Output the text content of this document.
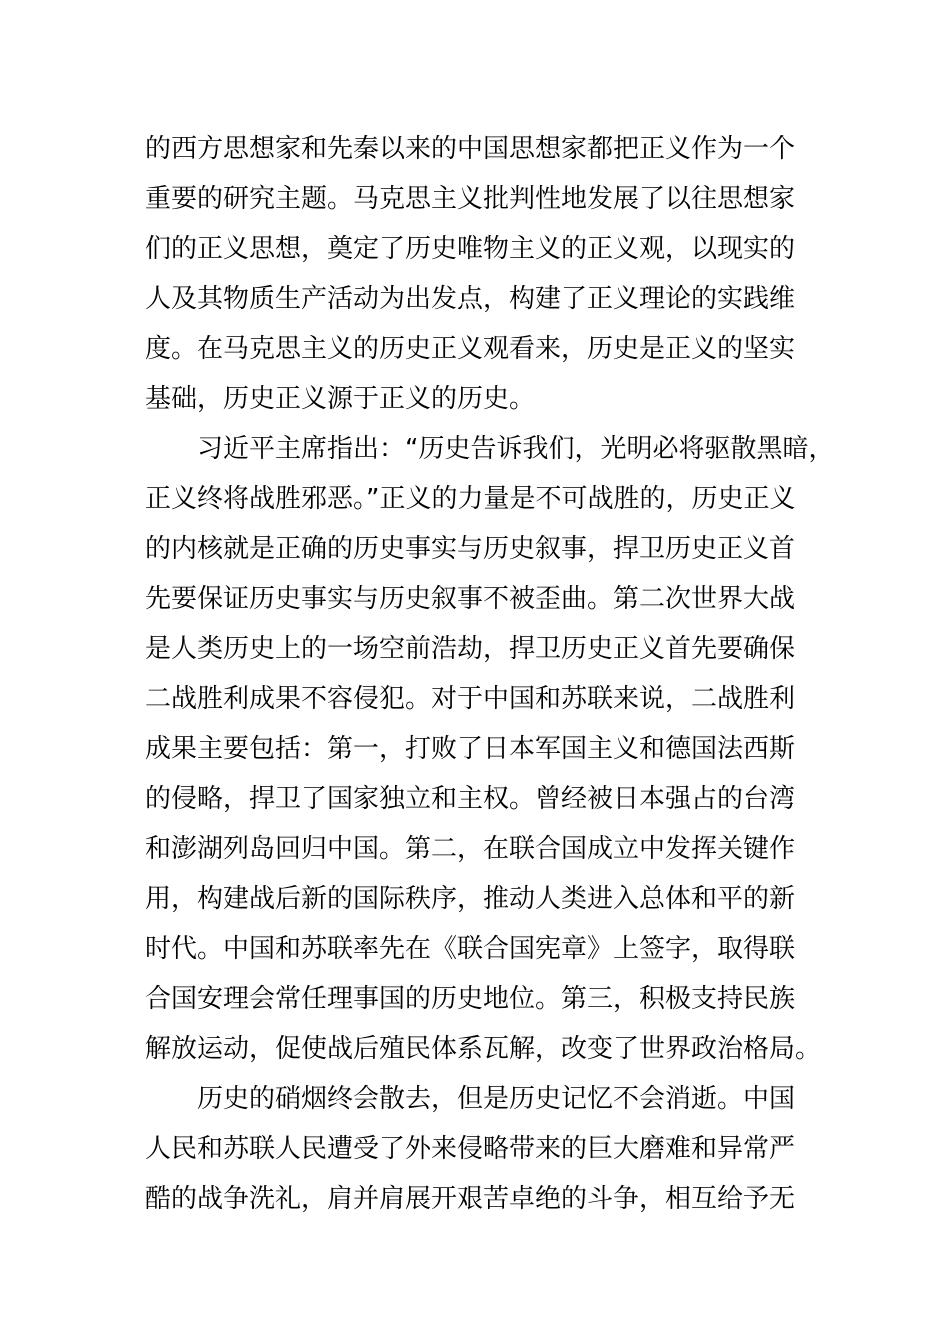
的西方思想家和先秦以来的中国思想家都把正义作为一个
重要的研究主题。马克思主义批判性地发展了以往思想家
们的正义思想，奠定了历史唯物主义的正义观，以现实的
人及其物质生产活动为出发点，构建了正义理论的实践维
度。在马克思主义的历史正义观看来，历史是正义的坚实
基础，历史正义源于正义的历史。
习近平主席指出：“历史告诉我们，光明必将驱散黑暗，
正义终将战胜邪恶。”正义的力量是不可战胜的，历史正义
的内核就是正确的历史事实与历史叙事，捍卫历史正义首
先要保证历史事实与历史叙事不被歪曲。第二次世界大战
是人类历史上的一场空前浩劫，捍卫历史正义首先要确保
二战胜利成果不容侵犯。对于中国和苏联来说，二战胜利
成果主要包括：第一，打败了日本军国主义和德国法西斯
的侵略，捍卫了国家独立和主权。曾经被日本强占的台湾
和澎湖列岛回归中国。第二，在联合国成立中发挥关键作
用，构建战后新的国际秩序，推动人类进入总体和平的新
时代。中国和苏联率先在《联合国宪章》上签字，取得联
合国安理会常任理事国的历史地位。第三，积极支持民族
解放运动，促使战后殖民体系瓦解，改变了世界政治格局。
历史的硝烟终会散去，但是历史记忆不会消逝。中国
人民和苏联人民遭受了外来侵略带来的巨大磨难和异常严
酷的战争洗礼，肩并肩展开艰苦卓绝的斗争，相互给予无
